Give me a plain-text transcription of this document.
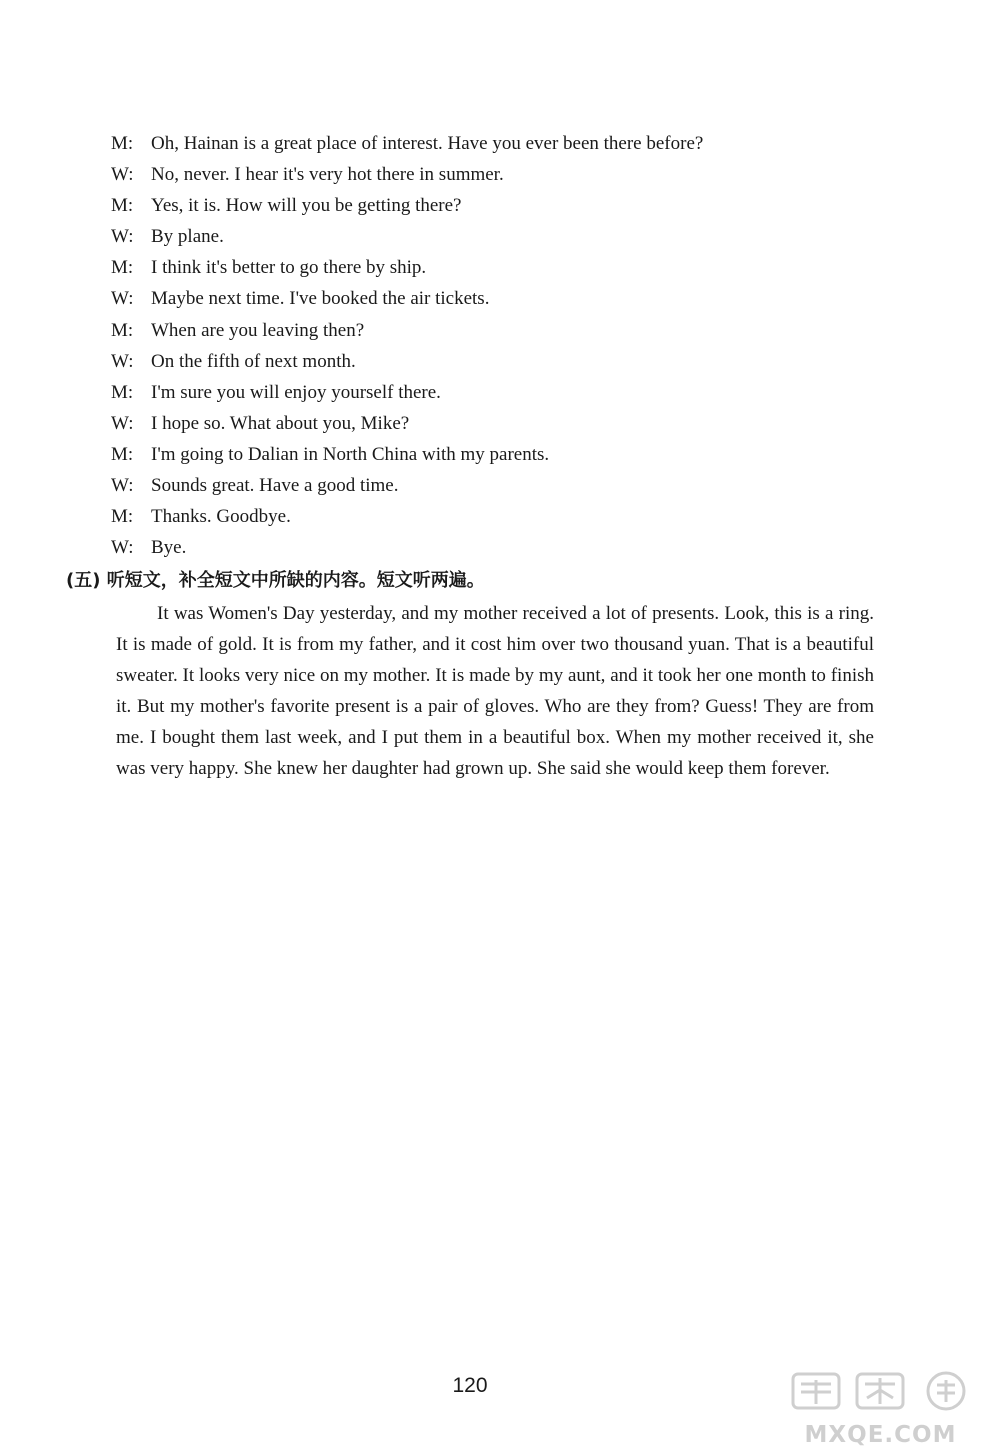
M: Oh, Hainan is a great place of interest. Have you ever been there before?
W: No, never. I hear it's very hot there in summer.
M: Yes, it is. How will you be getting there?
W: By plane.
M: I think it's better to go there by ship.
W: Maybe next time. I've booked the air tickets.
M: When are you leaving then?
W: On the fifth of next month.
M: I'm sure you will enjoy yourself there.
W: I hope so. What about you, Mike?
M: I'm going to Dalian in North China with my parents.
W: Sounds great. Have a good time.
M: Thanks. Goodbye.
W: Bye.
(五) 听短文，补全短文中所缺的内容。短文听两遍。

It was Women's Day yesterday, and my mother received a lot of presents. Look, this is a ring. It is made of gold. It is from my father, and it cost him over two thousand yuan. That is a beautiful sweater. It looks very nice on my mother. It is made by my aunt, and it took her one month to finish it. But my mother's favorite present is a pair of gloves. Who are they from? Guess! They are from me. I bought them last week, and I put them in a beautiful box. When my mother received it, she was very happy. She knew her daughter had grown up. She said she would keep them forever.

120
MXQE.COM
